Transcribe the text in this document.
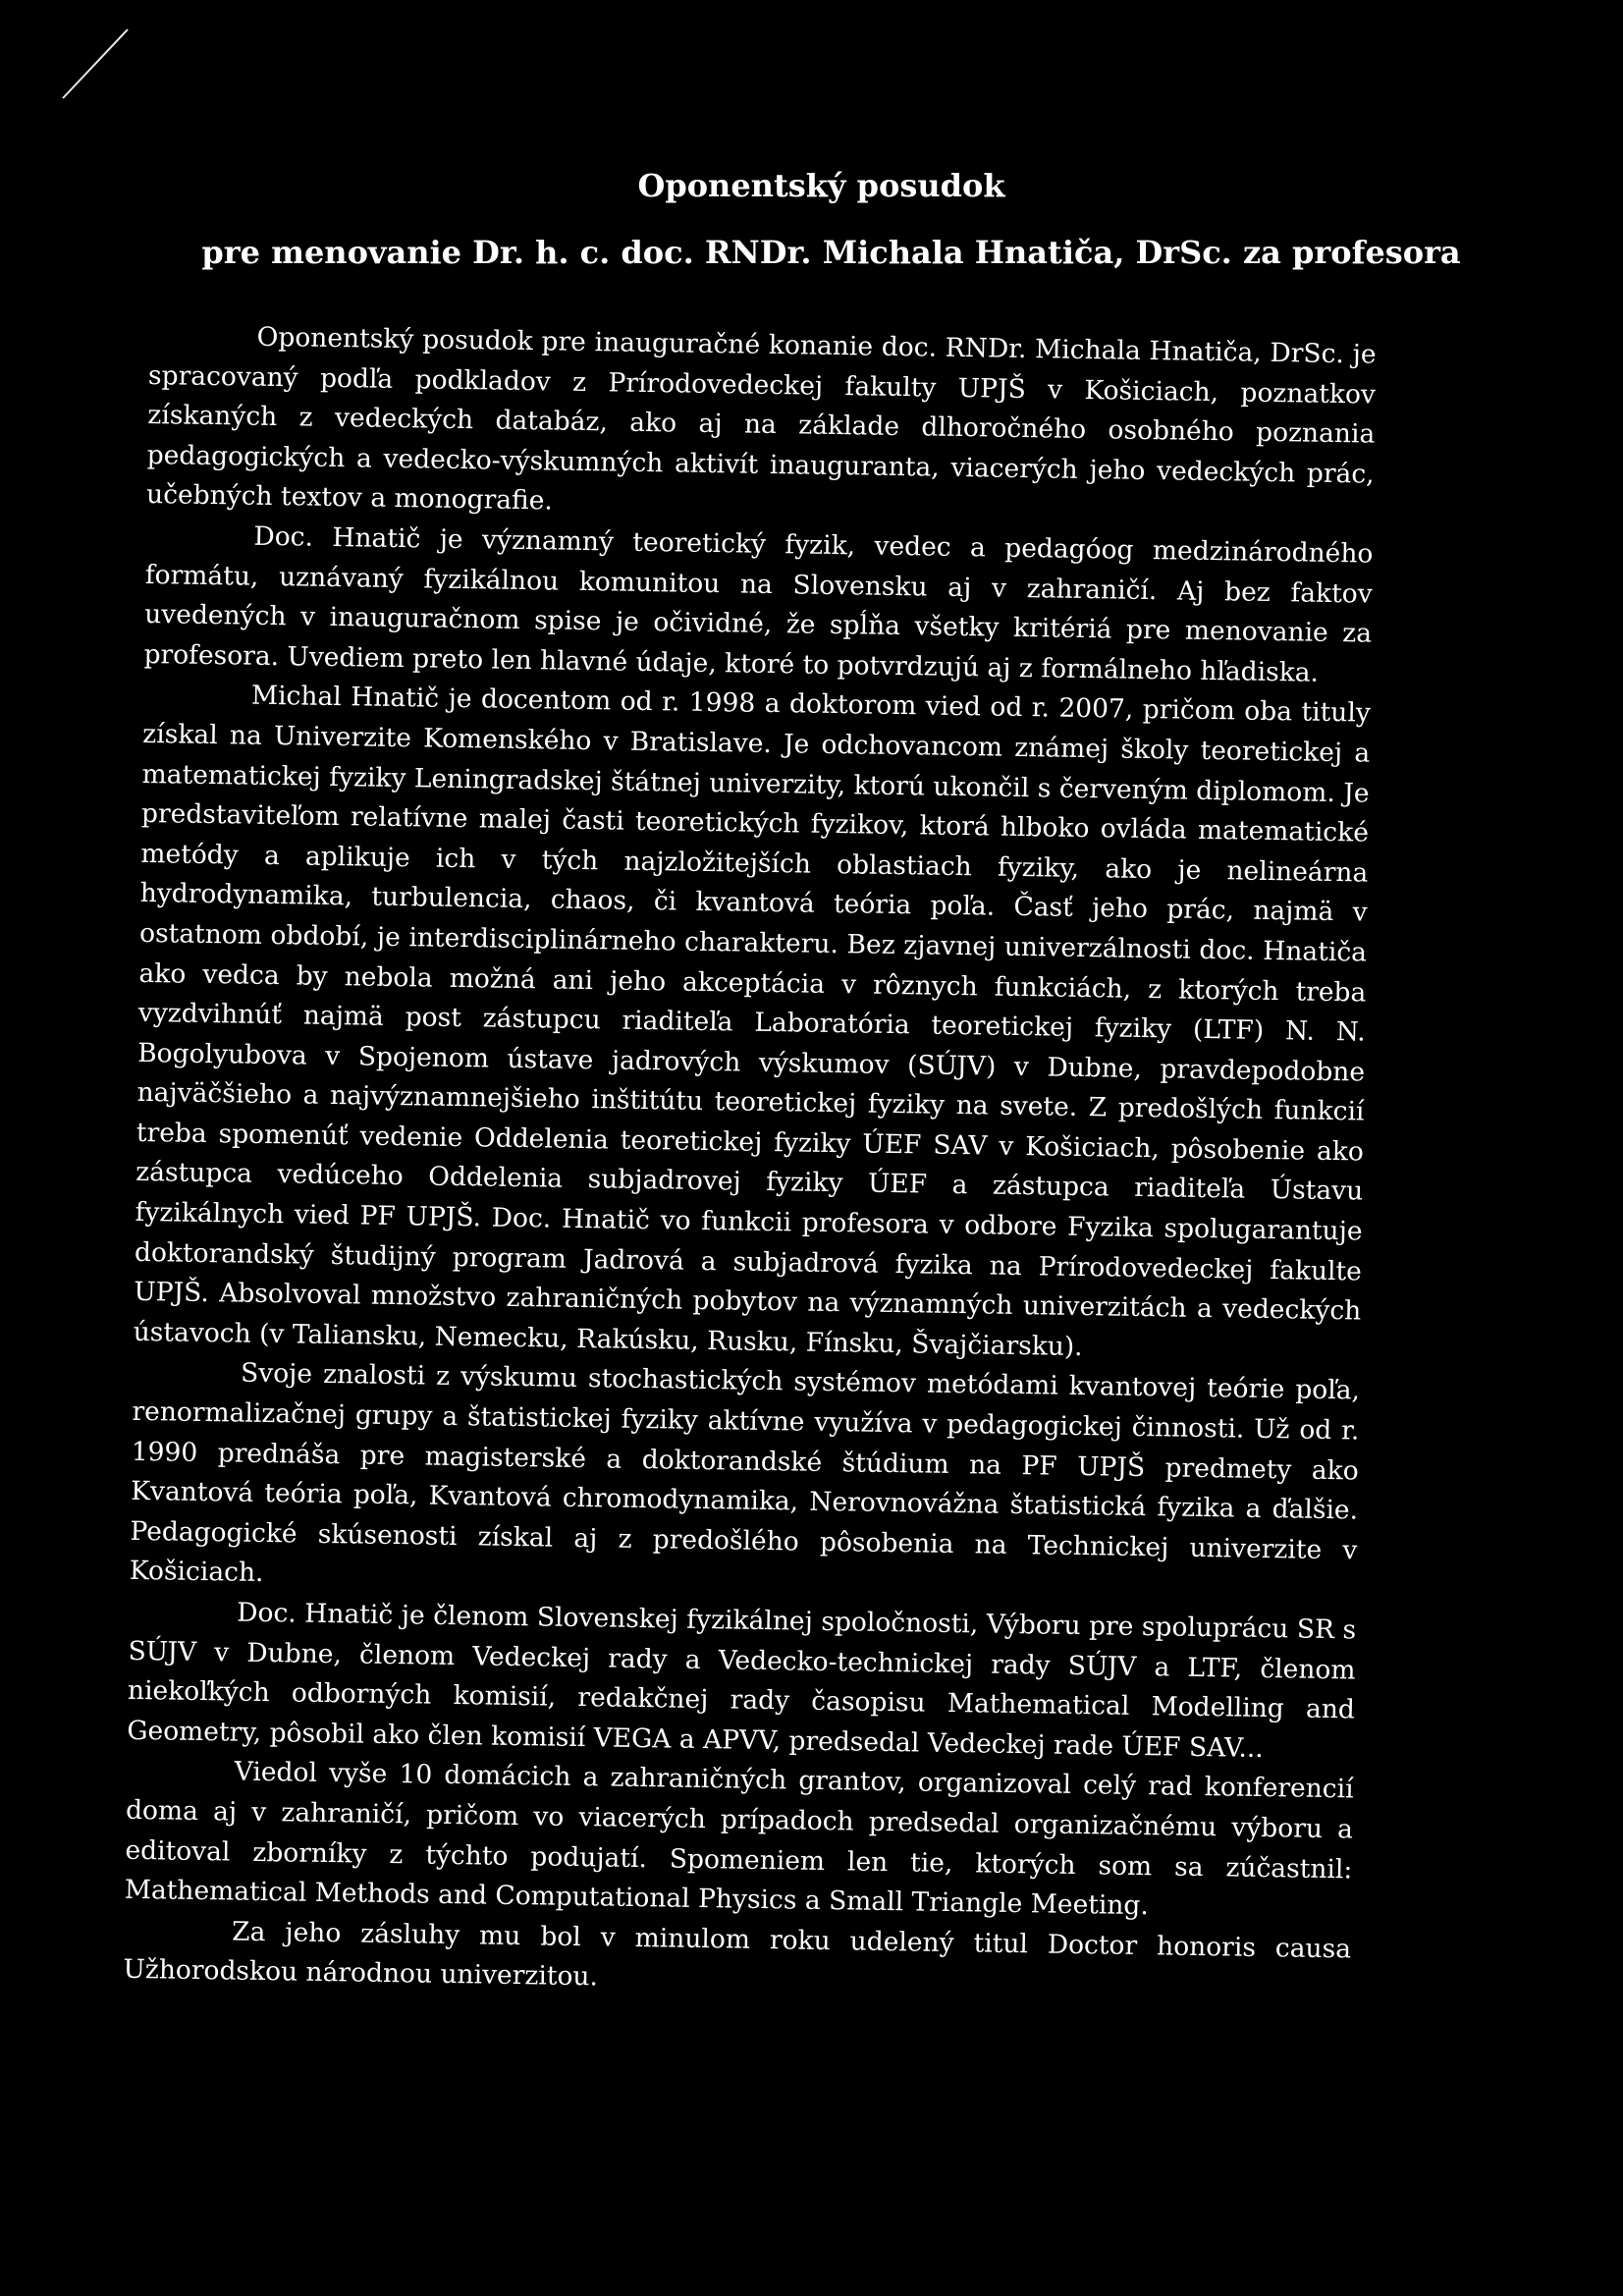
Oponentský posudok
pre menovanie Dr. h. c. doc. RNDr. Michala Hnatiča, DrSc. za profesora

Oponentský posudok pre inauguračné konanie doc. RNDr. Michala Hnatiča, DrSc. je spracovaný podľa podkladov z Prírodovedeckej fakulty UPJŠ v Košiciach, poznatkov získaných z vedeckých databáz, ako aj na základe dlhoročného osobného poznania pedagogických a vedecko-výskumných aktivít inauguranta, viacerých jeho vedeckých prác, učebných textov a monografie.

Doc. Hnatič je významný teoretický fyzik, vedec a pedagóog medzinárodného formátu, uznávaný fyzikálnou komunitou na Slovensku aj v zahraničí. Aj bez faktov uvedených v inauguračnom spise je očividné, že spĺňa všetky kritériá pre menovanie za profesora. Uvediem preto len hlavné údaje, ktoré to potvrdzujú aj z formálneho hľadiska.

Michal Hnatič je docentom od r. 1998 a doktorom vied od r. 2007, pričom oba tituly získal na Univerzite Komenského v Bratislave. Je odchovancom známej školy teoretickej a matematickej fyziky Leningradskej štátnej univerzity, ktorú ukončil s červeným diplomom. Je predstaviteľom relatívne malej časti teoretických fyzikov, ktorá hlboko ovláda matematické metódy a aplikuje ich v tých najzložitejších oblastiach fyziky, ako je nelineárna hydrodynamika, turbulencia, chaos, či kvantová teória poľa. Časť jeho prác, najmä v ostatnom období, je interdisciplinárneho charakteru. Bez zjavnej univerzálnosti doc. Hnatiča ako vedca by nebola možná ani jeho akceptácia v rôznych funkciách, z ktorých treba vyzdvihnúť najmä post zástupcu riaditeľa Laboratória teoretickej fyziky (LTF) N. N. Bogolyubova v Spojenom ústave jadrových výskumov (SÚJV) v Dubne, pravdepodobne najväčšieho a najvýznamnejšieho inštitútu teoretickej fyziky na svete. Z predošlých funkcií treba spomenúť vedenie Oddelenia teoretickej fyziky ÚEF SAV v Košiciach, pôsobenie ako zástupca vedúceho Oddelenia subjadrovej fyziky ÚEF a zástupca riaditeľa Ústavu fyzikálnych vied PF UPJŠ. Doc. Hnatič vo funkcii profesora v odbore Fyzika spolugarantuje doktorandský študijný program Jadrová a subjadrová fyzika na Prírodovedeckej fakulte UPJŠ. Absolvoval množstvo zahraničných pobytov na významných univerzitách a vedeckých ústavoch (v Taliansku, Nemecku, Rakúsku, Rusku, Fínsku, Švajčiarsku).

Svoje znalosti z výskumu stochastických systémov metódami kvantovej teórie poľa, renormalizačnej grupy a štatistickej fyziky aktívne využíva v pedagogickej činnosti. Už od r. 1990 prednáša pre magisterské a doktorandské štúdium na PF UPJŠ predmety ako Kvantová teória poľa, Kvantová chromodynamika, Nerovnovážna štatistická fyzika a ďalšie. Pedagogické skúsenosti získal aj z predošlého pôsobenia na Technickej univerzite v Košiciach.

Doc. Hnatič je členom Slovenskej fyzikálnej spoločnosti, Výboru pre spoluprácu SR s SÚJV v Dubne, členom Vedeckej rady a Vedecko-technickej rady SÚJV a LTF, členom niekoľkých odborných komisií, redakčnej rady časopisu Mathematical Modelling and Geometry, pôsobil ako člen komisií VEGA a APVV, predsedal Vedeckej rade ÚEF SAV...

Viedol vyše 10 domácich a zahraničných grantov, organizoval celý rad konferencií doma aj v zahraničí, pričom vo viacerých prípadoch predsedal organizačnému výboru a editoval zborníky z týchto podujatí. Spomeniem len tie, ktorých som sa zúčastnil: Mathematical Methods and Computational Physics a Small Triangle Meeting.

Za jeho zásluhy mu bol v minulom roku udelený titul Doctor honoris causa Užhorodskou národnou univerzitou.
